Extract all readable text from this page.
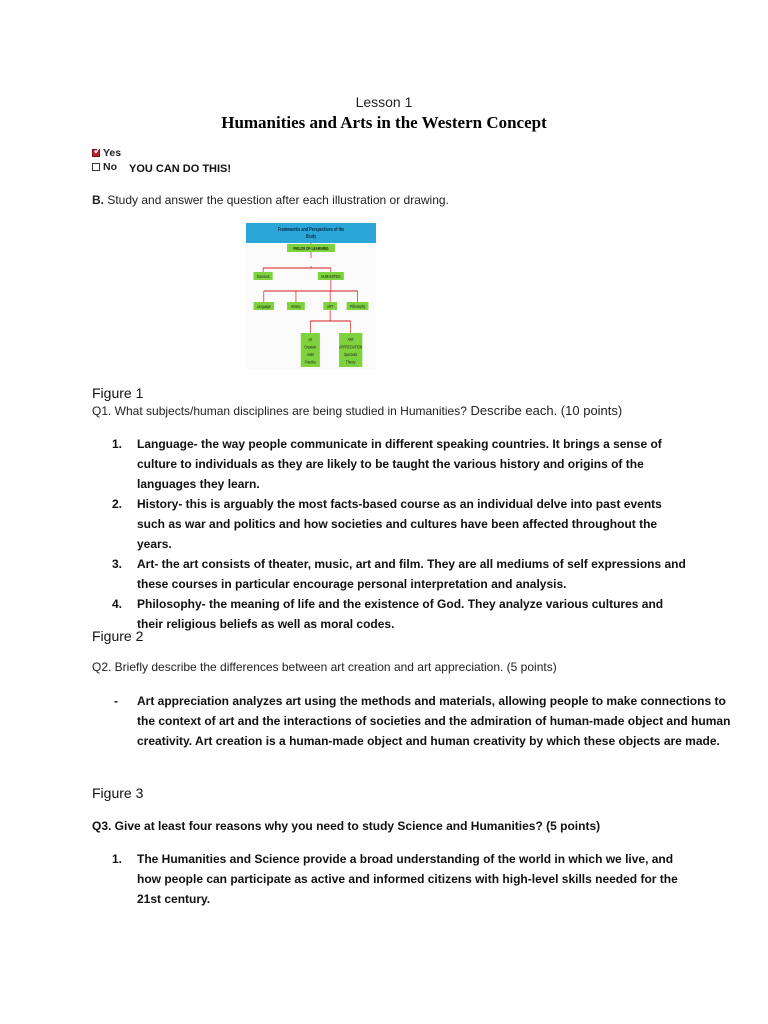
Lesson 1
Humanities and Arts in the Western Concept
✓
Yes
No YOU CAN DO THIS!
B. Study and answer the question after each illustration or drawing.
Frameworks and Perspectives of the
Study
FIELDS OF LEARNING
Sciences	HUMANITIES
Language	History	ART	Philosophy
Art
Creation
Artist
Practice
ART
APPRECIATION
Spectator
Theory
Figure 1
Q1. What subjects/human disciplines are being studied in Humanities? Describe each. (10 points)
1. Language- the way people communicate in different speaking countries. It brings a sense of culture to individuals as they are likely to be taught the various history and origins of the languages they learn.
2. History- this is arguably the most facts-based course as an individual delve into past events such as war and politics and how societies and cultures have been affected throughout the years.
3. Art- the art consists of theater, music, art and film. They are all mediums of self expressions and these courses in particular encourage personal interpretation and analysis.
4. Philosophy- the meaning of life and the existence of God. They analyze various cultures and their religious beliefs as well as moral codes.
Figure 2
Q2. Briefly describe the differences between art creation and art appreciation. (5 points)
- Art appreciation analyzes art using the methods and materials, allowing people to make connections to the context of art and the interactions of societies and the admiration of human-made object and human creativity. Art creation is a human-made object and human creativity by which these objects are made.
Figure 3
Q3. Give at least four reasons why you need to study Science and Humanities? (5 points)
1. The Humanities and Science provide a broad understanding of the world in which we live, and how people can participate as active and informed citizens with high-level skills needed for the 21st century.
